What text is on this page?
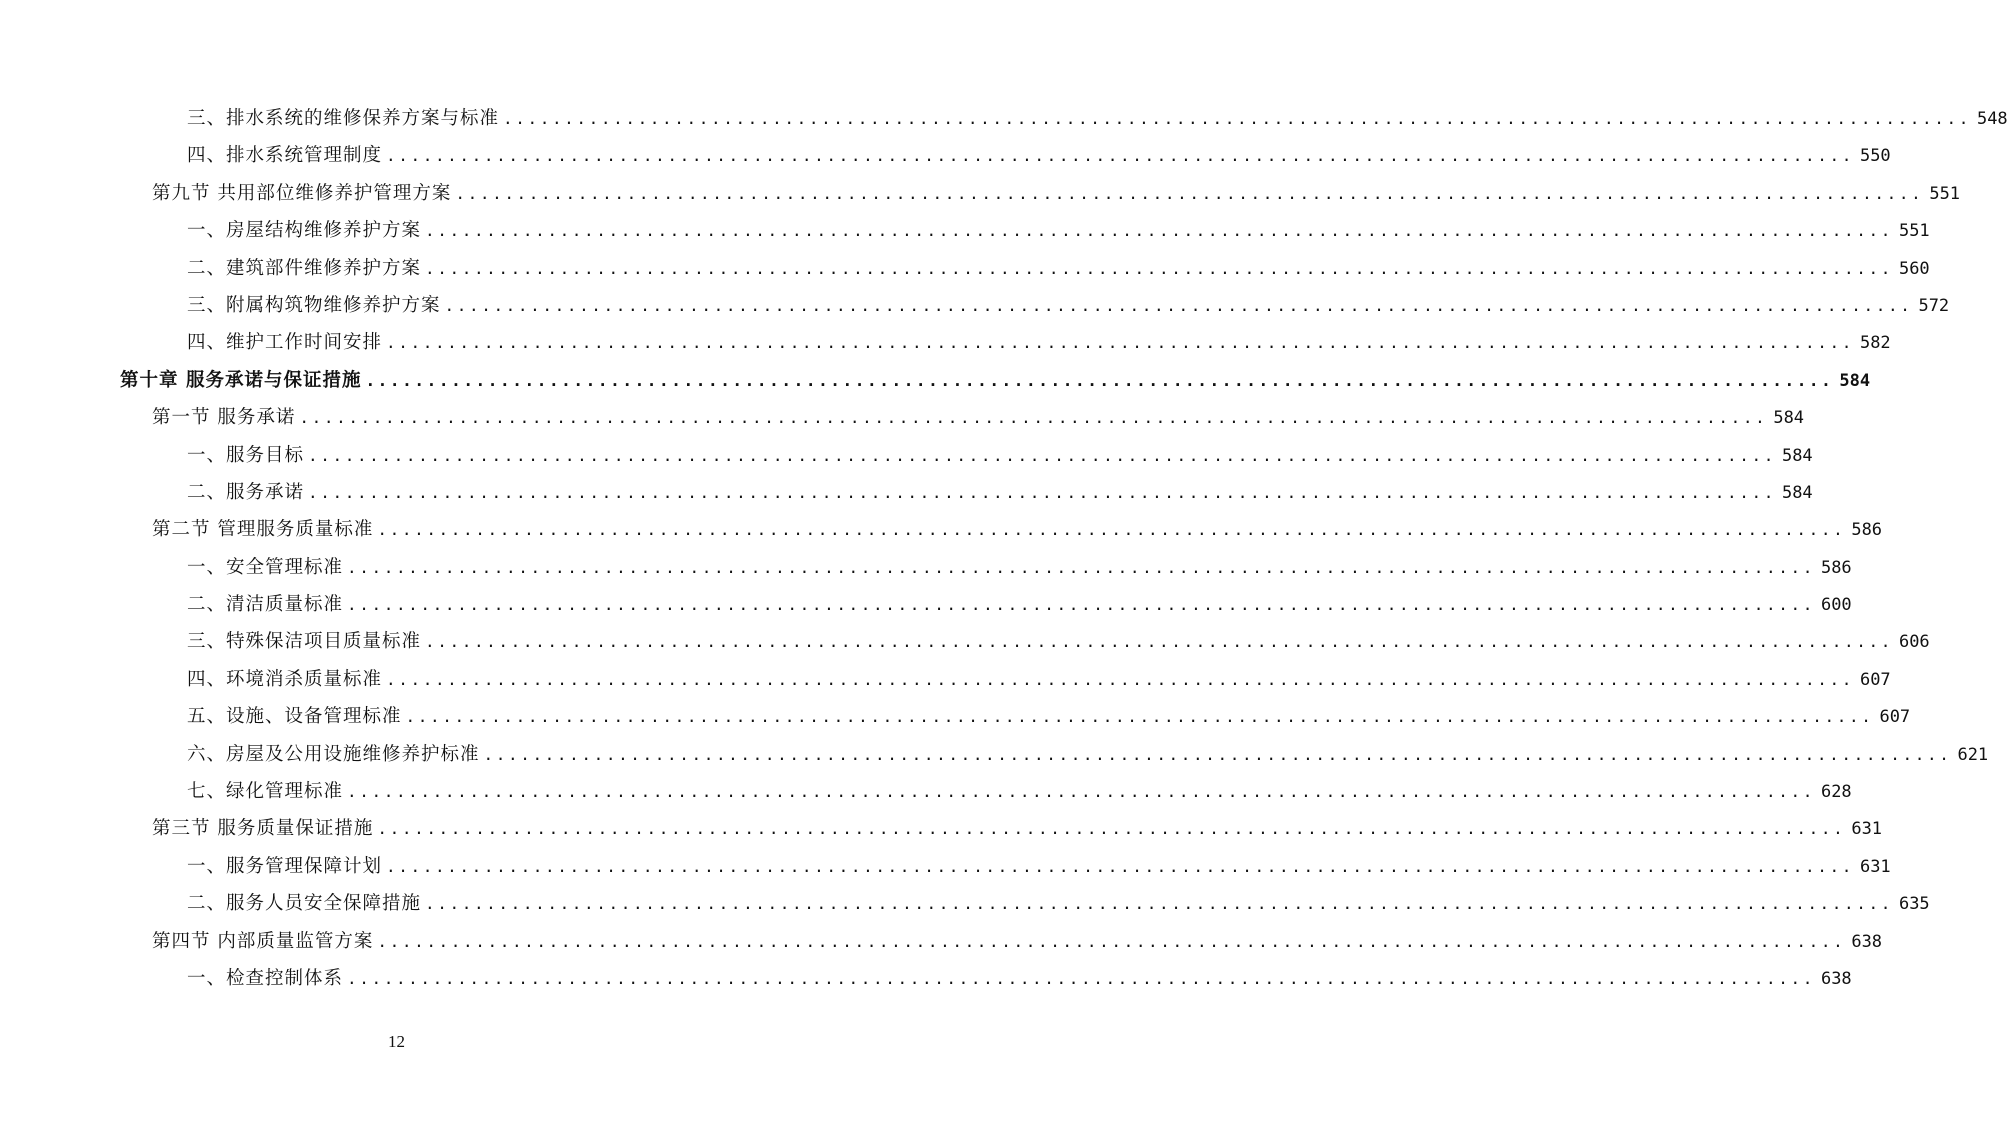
三、排水系统的维修保养方案与标准 ........................................................................................................................ 548
四、排水系统管理制度 ........................................................................................................................ 550
第九节 共用部位维修养护管理方案 ........................................................................................................................ 551
一、房屋结构维修养护方案 ........................................................................................................................ 551
二、建筑部件维修养护方案 ........................................................................................................................ 560
三、附属构筑物维修养护方案 ........................................................................................................................ 572
四、维护工作时间安排 ........................................................................................................................ 582
第十章 服务承诺与保证措施 ........................................................................................................................ 584
第一节 服务承诺 ........................................................................................................................ 584
一、服务目标 ........................................................................................................................ 584
二、服务承诺 ........................................................................................................................ 584
第二节 管理服务质量标准 ........................................................................................................................ 586
一、安全管理标准 ........................................................................................................................ 586
二、清洁质量标准 ........................................................................................................................ 600
三、特殊保洁项目质量标准 ........................................................................................................................ 606
四、环境消杀质量标准 ........................................................................................................................ 607
五、设施、设备管理标准 ........................................................................................................................ 607
六、房屋及公用设施维修养护标准 ........................................................................................................................ 621
七、绿化管理标准 ........................................................................................................................ 628
第三节 服务质量保证措施 ........................................................................................................................ 631
一、服务管理保障计划 ........................................................................................................................ 631
二、服务人员安全保障措施 ........................................................................................................................ 635
第四节 内部质量监管方案 ........................................................................................................................ 638
一、检查控制体系 ........................................................................................................................ 638
12
